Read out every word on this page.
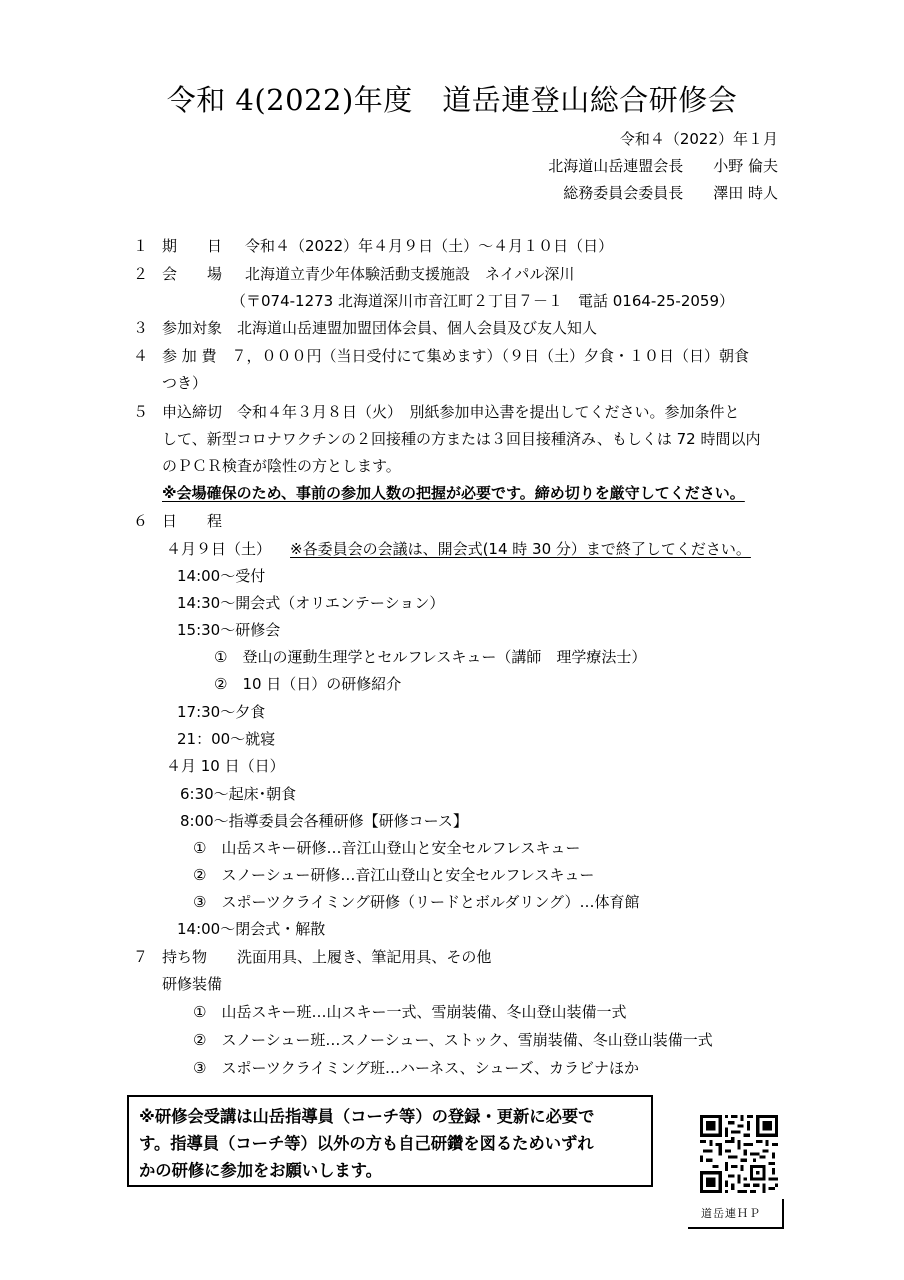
令和 4(2022)年度　道岳連登山総合研修会
令和４（2022）年１月
北海道山岳連盟会長　　小野 倫夫
総務委員会委員長　　澤田 時人
１ 期　　日 令和４（2022）年４月９日（土）～４月１０日（日）
２ 会　　場 北海道立青少年体験活動支援施設　ネイパル深川
（〒074-1273 北海道深川市音江町２丁目７－１　電話 0164-25-2059）
３ 参加対象　北海道山岳連盟加盟団体会員、個人会員及び友人知人
４ 参 加 費　７，０００円（当日受付にて集めます）（９日（土）夕食・１０日（日）朝食
つき）
５ 申込締切　令和４年３月８日（火）　別紙参加申込書を提出してください。参加条件と
して、新型コロナワクチンの２回接種の方または３回目接種済み、もしくは 72 時間以内
のＰＣＲ検査が陰性の方とします。
※会場確保のため、事前の参加人数の把握が必要です。締め切りを厳守してください。
６ 日　　程
４月９日（土） ※各委員会の会議は、開会式(14 時 30 分）まで終了してください。
14:00～受付
14:30～開会式（オリエンテーション）
15:30～研修会
①　登山の運動生理学とセルフレスキュー（講師　理学療法士）
②　10 日（日）の研修紹介
17:30～夕食
21：00～就寝
４月 10 日（日）
6:30～起床･朝食
8:00～指導委員会各種研修【研修コース】
①　山岳スキー研修…音江山登山と安全セルフレスキュー
②　スノーシュー研修…音江山登山と安全セルフレスキュー
③　スポーツクライミング研修（リードとボルダリング）…体育館
14:00～閉会式・解散
７ 持ち物　　洗面用具、上履き、筆記用具、その他
研修装備
①　山岳スキー班…山スキー一式、雪崩装備、冬山登山装備一式
②　スノーシュー班…スノーシュー、ストック、雪崩装備、冬山登山装備一式
③　スポーツクライミング班…ハーネス、シューズ、カラビナほか
※研修会受講は山岳指導員（コーチ等）の登録・更新に必要で
す。指導員（コーチ等）以外の方も自己研鑽を図るためいずれ
かの研修に参加をお願いします。
道岳連ＨＰ
